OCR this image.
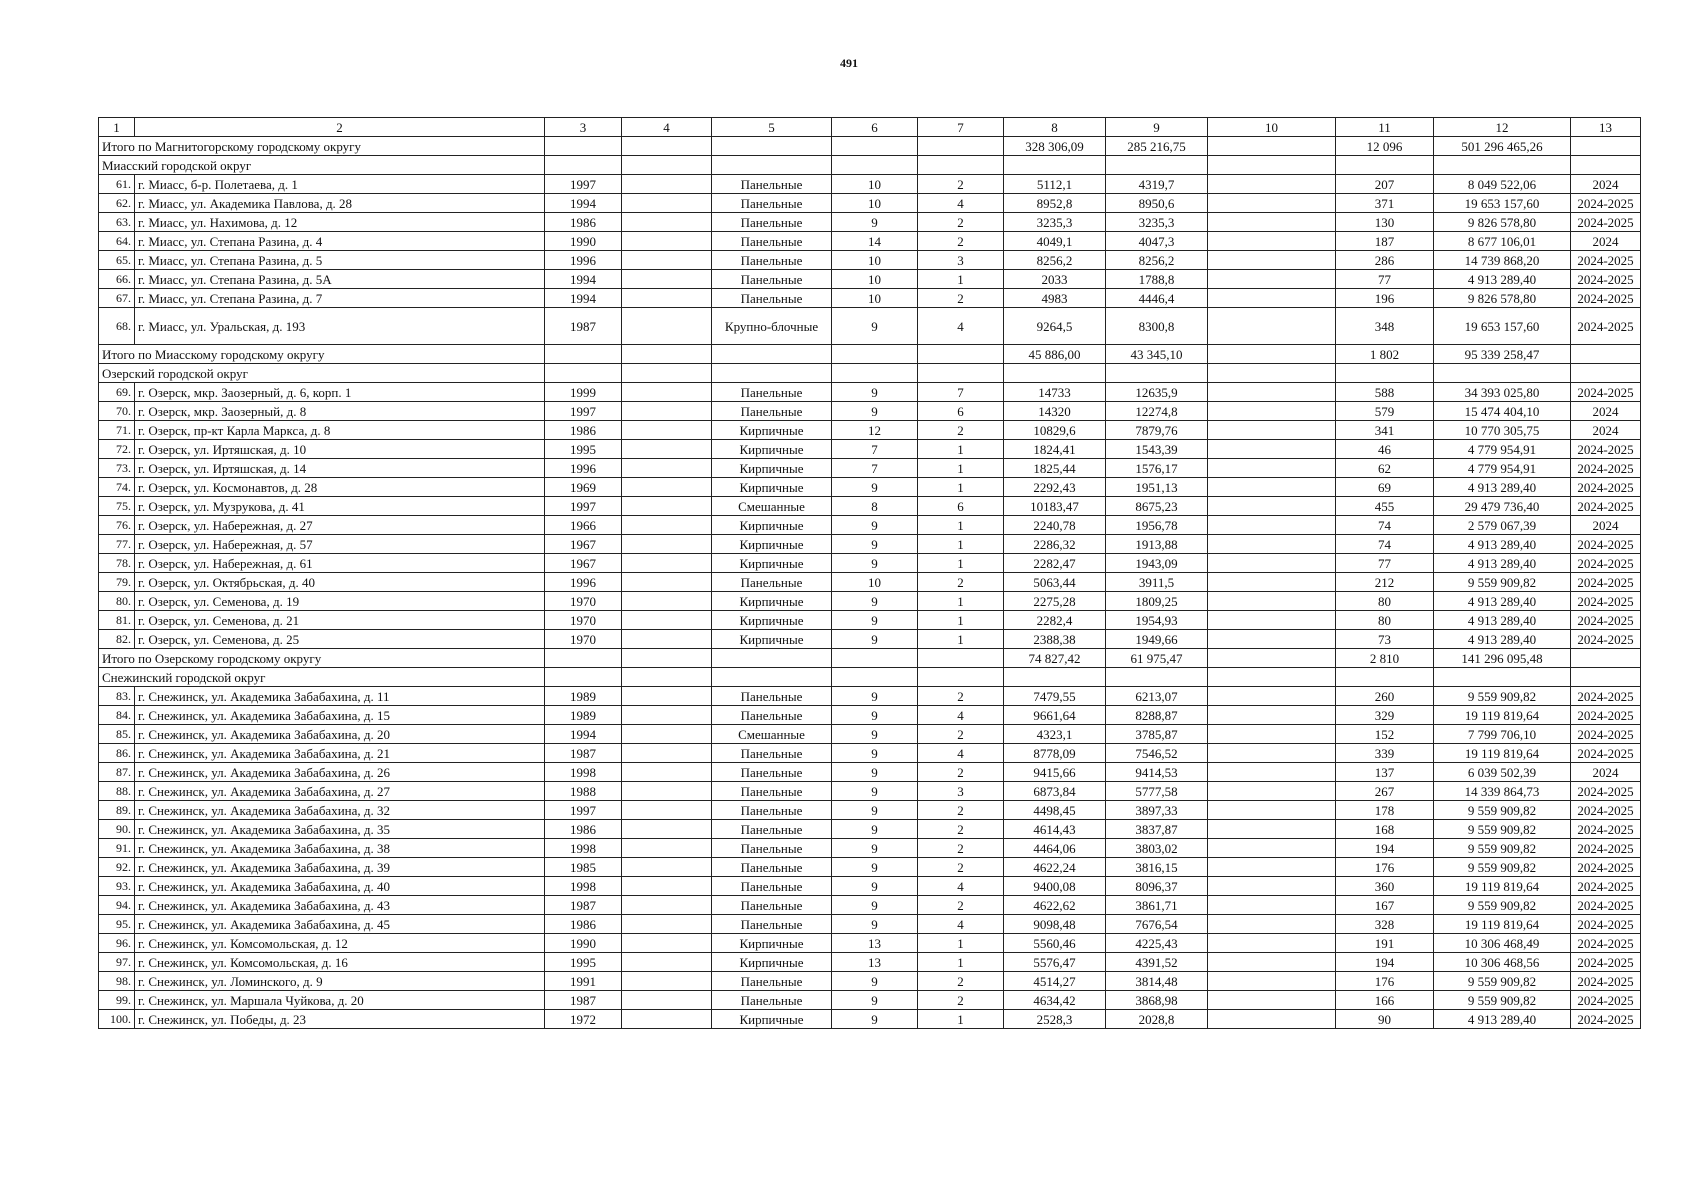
491
1	2	3	4	5	6	7	8	9	10	11	12	13
Итого по Магнитогорскому городскому округу							328 306,09	285 216,75		12 096	501 296 465,26	
Миасский городской округ												
61.	г. Миасс, б-р. Полетаева, д. 1	1997		Панельные	10	2	5112,1	4319,7		207	8 049 522,06	2024
62.	г. Миасс, ул. Академика Павлова, д. 28	1994		Панельные	10	4	8952,8	8950,6		371	19 653 157,60	2024-2025
63.	г. Миасс, ул. Нахимова, д. 12	1986		Панельные	9	2	3235,3	3235,3		130	9 826 578,80	2024-2025
64.	г. Миасс, ул. Степана Разина, д. 4	1990		Панельные	14	2	4049,1	4047,3		187	8 677 106,01	2024
65.	г. Миасс, ул. Степана Разина, д. 5	1996		Панельные	10	3	8256,2	8256,2		286	14 739 868,20	2024-2025
66.	г. Миасс, ул. Степана Разина, д. 5А	1994		Панельные	10	1	2033	1788,8		77	4 913 289,40	2024-2025
67.	г. Миасс, ул. Степана Разина, д. 7	1994		Панельные	10	2	4983	4446,4		196	9 826 578,80	2024-2025
68.	г. Миасс, ул. Уральская, д. 193	1987		Крупно-блочные	9	4	9264,5	8300,8		348	19 653 157,60	2024-2025
Итого по Миасскому городскому округу							45 886,00	43 345,10		1 802	95 339 258,47	
Озерский городской округ												
69.	г. Озерск, мкр. Заозерный, д. 6, корп. 1	1999		Панельные	9	7	14733	12635,9		588	34 393 025,80	2024-2025
70.	г. Озерск, мкр. Заозерный, д. 8	1997		Панельные	9	6	14320	12274,8		579	15 474 404,10	2024
71.	г. Озерск, пр-кт Карла Маркса, д. 8	1986		Кирпичные	12	2	10829,6	7879,76		341	10 770 305,75	2024
72.	г. Озерск, ул. Иртяшская, д. 10	1995		Кирпичные	7	1	1824,41	1543,39		46	4 779 954,91	2024-2025
73.	г. Озерск, ул. Иртяшская, д. 14	1996		Кирпичные	7	1	1825,44	1576,17		62	4 779 954,91	2024-2025
74.	г. Озерск, ул. Космонавтов, д. 28	1969		Кирпичные	9	1	2292,43	1951,13		69	4 913 289,40	2024-2025
75.	г. Озерск, ул. Музрукова, д. 41	1997		Смешанные	8	6	10183,47	8675,23		455	29 479 736,40	2024-2025
76.	г. Озерск, ул. Набережная, д. 27	1966		Кирпичные	9	1	2240,78	1956,78		74	2 579 067,39	2024
77.	г. Озерск, ул. Набережная, д. 57	1967		Кирпичные	9	1	2286,32	1913,88		74	4 913 289,40	2024-2025
78.	г. Озерск, ул. Набережная, д. 61	1967		Кирпичные	9	1	2282,47	1943,09		77	4 913 289,40	2024-2025
79.	г. Озерск, ул. Октябрьская, д. 40	1996		Панельные	10	2	5063,44	3911,5		212	9 559 909,82	2024-2025
80.	г. Озерск, ул. Семенова, д. 19	1970		Кирпичные	9	1	2275,28	1809,25		80	4 913 289,40	2024-2025
81.	г. Озерск, ул. Семенова, д. 21	1970		Кирпичные	9	1	2282,4	1954,93		80	4 913 289,40	2024-2025
82.	г. Озерск, ул. Семенова, д. 25	1970		Кирпичные	9	1	2388,38	1949,66		73	4 913 289,40	2024-2025
Итого по Озерскому городскому округу							74 827,42	61 975,47		2 810	141 296 095,48	
Снежинский городской округ												
83.	г. Снежинск, ул. Академика Забабахина, д. 11	1989		Панельные	9	2	7479,55	6213,07		260	9 559 909,82	2024-2025
84.	г. Снежинск, ул. Академика Забабахина, д. 15	1989		Панельные	9	4	9661,64	8288,87		329	19 119 819,64	2024-2025
85.	г. Снежинск, ул. Академика Забабахина, д. 20	1994		Смешанные	9	2	4323,1	3785,87		152	7 799 706,10	2024-2025
86.	г. Снежинск, ул. Академика Забабахина, д. 21	1987		Панельные	9	4	8778,09	7546,52		339	19 119 819,64	2024-2025
87.	г. Снежинск, ул. Академика Забабахина, д. 26	1998		Панельные	9	2	9415,66	9414,53		137	6 039 502,39	2024
88.	г. Снежинск, ул. Академика Забабахина, д. 27	1988		Панельные	9	3	6873,84	5777,58		267	14 339 864,73	2024-2025
89.	г. Снежинск, ул. Академика Забабахина, д. 32	1997		Панельные	9	2	4498,45	3897,33		178	9 559 909,82	2024-2025
90.	г. Снежинск, ул. Академика Забабахина, д. 35	1986		Панельные	9	2	4614,43	3837,87		168	9 559 909,82	2024-2025
91.	г. Снежинск, ул. Академика Забабахина, д. 38	1998		Панельные	9	2	4464,06	3803,02		194	9 559 909,82	2024-2025
92.	г. Снежинск, ул. Академика Забабахина, д. 39	1985		Панельные	9	2	4622,24	3816,15		176	9 559 909,82	2024-2025
93.	г. Снежинск, ул. Академика Забабахина, д. 40	1998		Панельные	9	4	9400,08	8096,37		360	19 119 819,64	2024-2025
94.	г. Снежинск, ул. Академика Забабахина, д. 43	1987		Панельные	9	2	4622,62	3861,71		167	9 559 909,82	2024-2025
95.	г. Снежинск, ул. Академика Забабахина, д. 45	1986		Панельные	9	4	9098,48	7676,54		328	19 119 819,64	2024-2025
96.	г. Снежинск, ул. Комсомольская, д. 12	1990		Кирпичные	13	1	5560,46	4225,43		191	10 306 468,49	2024-2025
97.	г. Снежинск, ул. Комсомольская, д. 16	1995		Кирпичные	13	1	5576,47	4391,52		194	10 306 468,56	2024-2025
98.	г. Снежинск, ул. Ломинского, д. 9	1991		Панельные	9	2	4514,27	3814,48		176	9 559 909,82	2024-2025
99.	г. Снежинск, ул. Маршала Чуйкова, д. 20	1987		Панельные	9	2	4634,42	3868,98		166	9 559 909,82	2024-2025
100.	г. Снежинск, ул. Победы, д. 23	1972		Кирпичные	9	1	2528,3	2028,8		90	4 913 289,40	2024-2025
